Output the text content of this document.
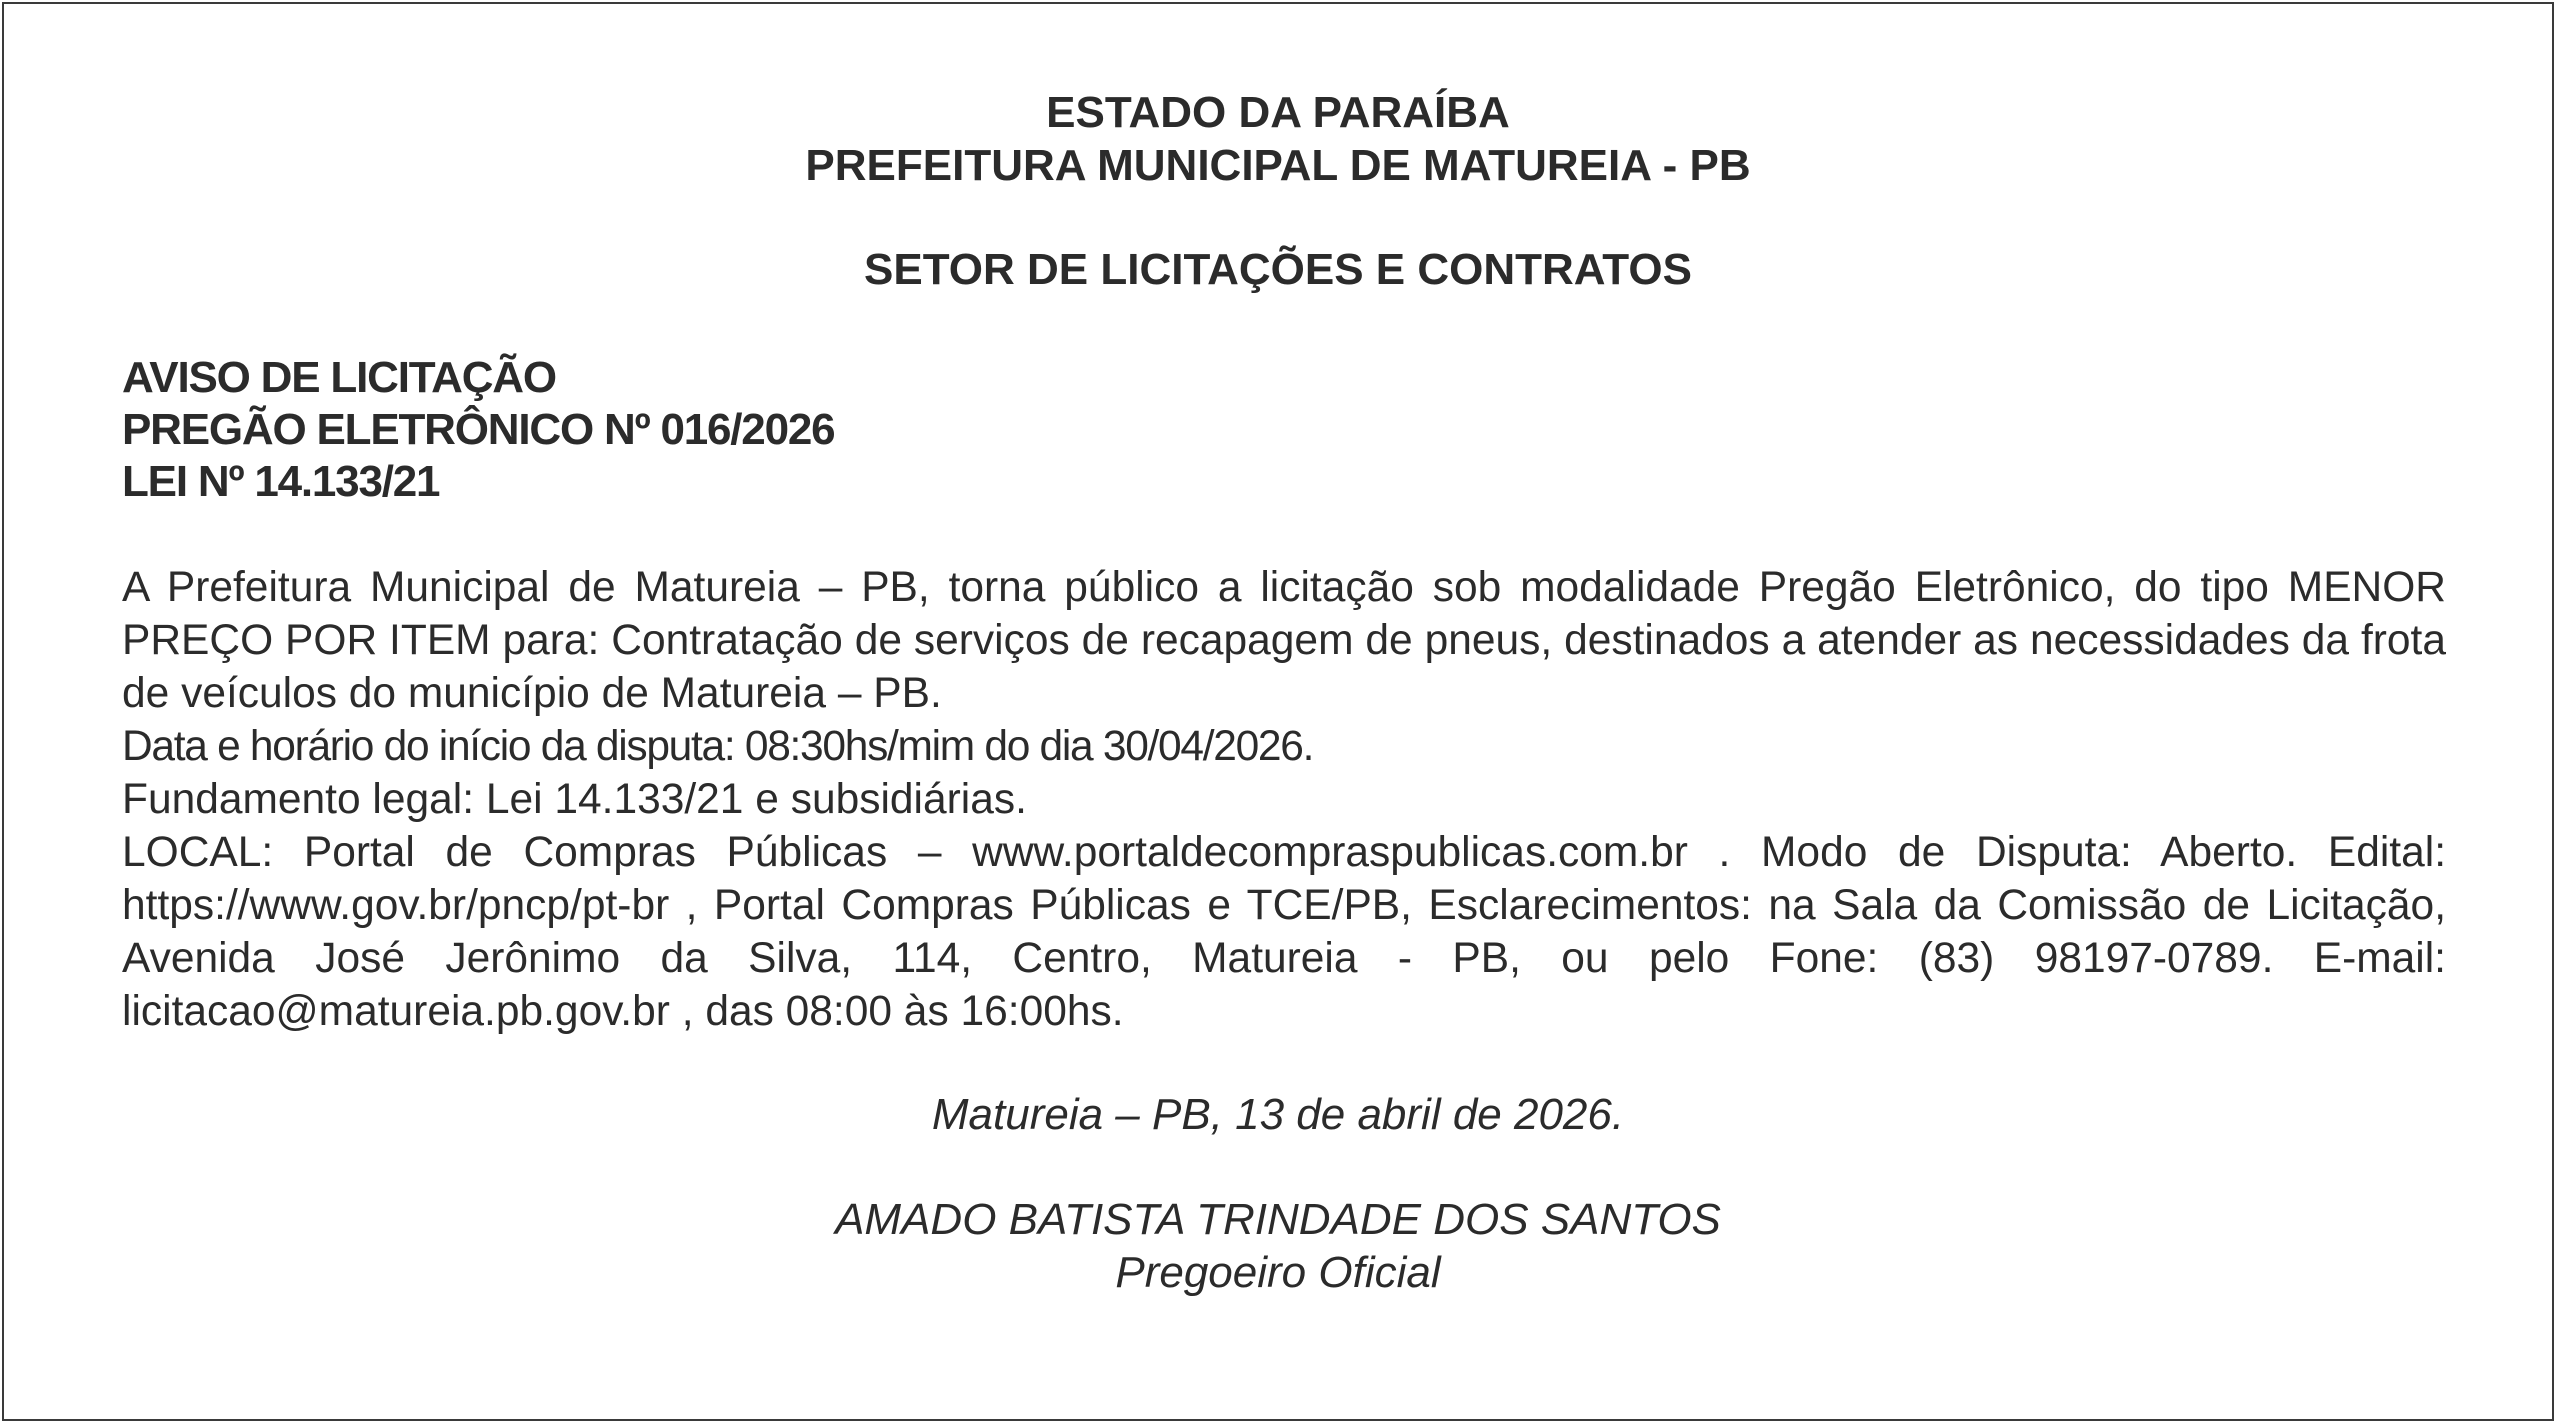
ESTADO DA PARAÍBA
PREFEITURA MUNICIPAL DE MATUREIA - PB
SETOR DE LICITAÇÕES E CONTRATOS
AVISO DE LICITAÇÃO
PREGÃO ELETRÔNICO Nº 016/2026
LEI Nº 14.133/21
A Prefeitura Municipal de Matureia – PB, torna público a licitação sob modalidade Pregão Eletrônico, do tipo MENOR PREÇO POR ITEM para: Contratação de serviços de recapagem de pneus, destinados a atender as necessidades da frota de veículos do município de Matureia – PB.
Data e horário do início da disputa: 08:30hs/mim do dia 30/04/2026.
Fundamento legal: Lei 14.133/21 e subsidiárias.
LOCAL: Portal de Compras Públicas – www.portaldecompraspublicas.com.br . Modo de Disputa: Aberto. Edital: https://www.gov.br/pncp/pt-br , Portal Compras Públicas e TCE/PB, Esclarecimentos: na Sala da Comissão de Licitação, Avenida José Jerônimo da Silva, 114, Centro, Matureia - PB, ou pelo Fone: (83) 98197-0789. E-mail: licitacao@matureia.pb.gov.br , das 08:00 às 16:00hs.
Matureia – PB, 13 de abril de 2026.
AMADO BATISTA TRINDADE DOS SANTOS
Pregoeiro Oficial
